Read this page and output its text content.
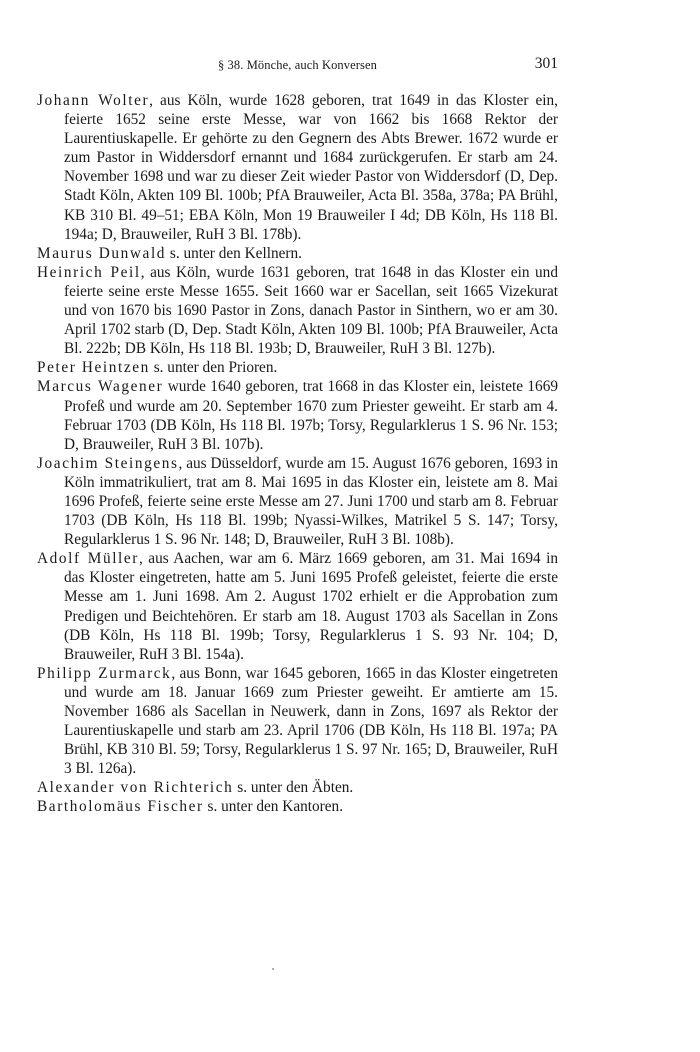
§ 38. Mönche, auch Konversen	301

Johann Wolter, aus Köln, wurde 1628 geboren, trat 1649 in das Kloster ein, feierte 1652 seine erste Messe, war von 1662 bis 1668 Rektor der Laurentiuskapelle. Er gehörte zu den Gegnern des Abts Brewer. 1672 wurde er zum Pastor in Widdersdorf ernannt und 1684 zurückgerufen. Er starb am 24. November 1698 und war zu dieser Zeit wieder Pastor von Widdersdorf (D, Dep. Stadt Köln, Akten 109 Bl. 100b; PfA Brauweiler, Acta Bl. 358a, 378a; PA Brühl, KB 310 Bl. 49–51; EBA Köln, Mon 19 Brauweiler I 4d; DB Köln, Hs 118 Bl. 194a; D, Brauweiler, RuH 3 Bl. 178b).

Maurus Dunwald s. unter den Kellnern.

Heinrich Peil, aus Köln, wurde 1631 geboren, trat 1648 in das Kloster ein und feierte seine erste Messe 1655. Seit 1660 war er Sacellan, seit 1665 Vizekurat und von 1670 bis 1690 Pastor in Zons, danach Pastor in Sinthern, wo er am 30. April 1702 starb (D, Dep. Stadt Köln, Akten 109 Bl. 100b; PfA Brauweiler, Acta Bl. 222b; DB Köln, Hs 118 Bl. 193b; D, Brauweiler, RuH 3 Bl. 127b).

Peter Heintzen s. unter den Prioren.

Marcus Wagener wurde 1640 geboren, trat 1668 in das Kloster ein, leistete 1669 Profeß und wurde am 20. September 1670 zum Priester geweiht. Er starb am 4. Februar 1703 (DB Köln, Hs 118 Bl. 197b; Torsy, Regularklerus 1 S. 96 Nr. 153; D, Brauweiler, RuH 3 Bl. 107b).

Joachim Steingens, aus Düsseldorf, wurde am 15. August 1676 geboren, 1693 in Köln immatrikuliert, trat am 8. Mai 1695 in das Kloster ein, leistete am 8. Mai 1696 Profeß, feierte seine erste Messe am 27. Juni 1700 und starb am 8. Februar 1703 (DB Köln, Hs 118 Bl. 199b; Nyassi-Wilkes, Matrikel 5 S. 147; Torsy, Regularklerus 1 S. 96 Nr. 148; D, Brauweiler, RuH 3 Bl. 108b).

Adolf Müller, aus Aachen, war am 6. März 1669 geboren, am 31. Mai 1694 in das Kloster eingetreten, hatte am 5. Juni 1695 Profeß geleistet, feierte die erste Messe am 1. Juni 1698. Am 2. August 1702 erhielt er die Approbation zum Predigen und Beichtehören. Er starb am 18. August 1703 als Sacellan in Zons (DB Köln, Hs 118 Bl. 199b; Torsy, Regularklerus 1 S. 93 Nr. 104; D, Brauweiler, RuH 3 Bl. 154a).

Philipp Zurmarck, aus Bonn, war 1645 geboren, 1665 in das Kloster eingetreten und wurde am 18. Januar 1669 zum Priester geweiht. Er amtierte am 15. November 1686 als Sacellan in Neuwerk, dann in Zons, 1697 als Rektor der Laurentiuskapelle und starb am 23. April 1706 (DB Köln, Hs 118 Bl. 197a; PA Brühl, KB 310 Bl. 59; Torsy, Regularklerus 1 S. 97 Nr. 165; D, Brauweiler, RuH 3 Bl. 126a).

Alexander von Richterich s. unter den Äbten.

Bartholomäus Fischer s. unter den Kantoren.
